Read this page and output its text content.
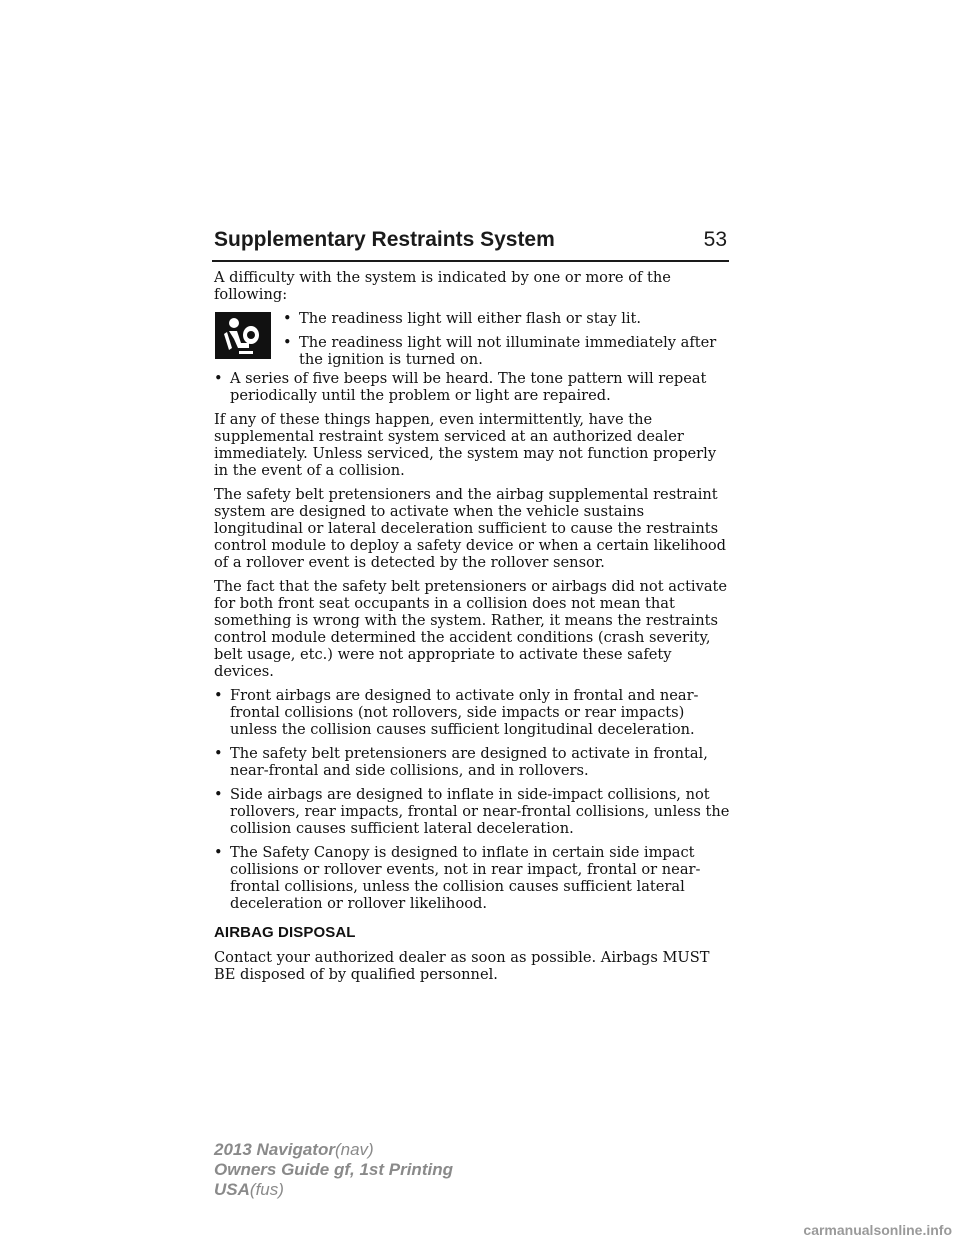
Supplementary Restraints System	53

A difficulty with the system is indicated by one or more of the following:

• The readiness light will either flash or stay lit.
• The readiness light will not illuminate immediately after the ignition is turned on.
• A series of five beeps will be heard. The tone pattern will repeat periodically until the problem or light are repaired.

If any of these things happen, even intermittently, have the supplemental restraint system serviced at an authorized dealer immediately. Unless serviced, the system may not function properly in the event of a collision.

The safety belt pretensioners and the airbag supplemental restraint system are designed to activate when the vehicle sustains longitudinal or lateral deceleration sufficient to cause the restraints control module to deploy a safety device or when a certain likelihood of a rollover event is detected by the rollover sensor.

The fact that the safety belt pretensioners or airbags did not activate for both front seat occupants in a collision does not mean that something is wrong with the system. Rather, it means the restraints control module determined the accident conditions (crash severity, belt usage, etc.) were not appropriate to activate these safety devices.

• Front airbags are designed to activate only in frontal and near-frontal collisions (not rollovers, side impacts or rear impacts) unless the collision causes sufficient longitudinal deceleration.
• The safety belt pretensioners are designed to activate in frontal, near-frontal and side collisions, and in rollovers.
• Side airbags are designed to inflate in side-impact collisions, not rollovers, rear impacts, frontal or near-frontal collisions, unless the collision causes sufficient lateral deceleration.
• The Safety Canopy is designed to inflate in certain side impact collisions or rollover events, not in rear impact, frontal or near-frontal collisions, unless the collision causes sufficient lateral deceleration or rollover likelihood.
AIRBAG DISPOSAL

Contact your authorized dealer as soon as possible. Airbags MUST BE disposed of by qualified personnel.

2013 Navigator(nav)
Owners Guide gf, 1st Printing
USA(fus)
carmanualsonline.info
